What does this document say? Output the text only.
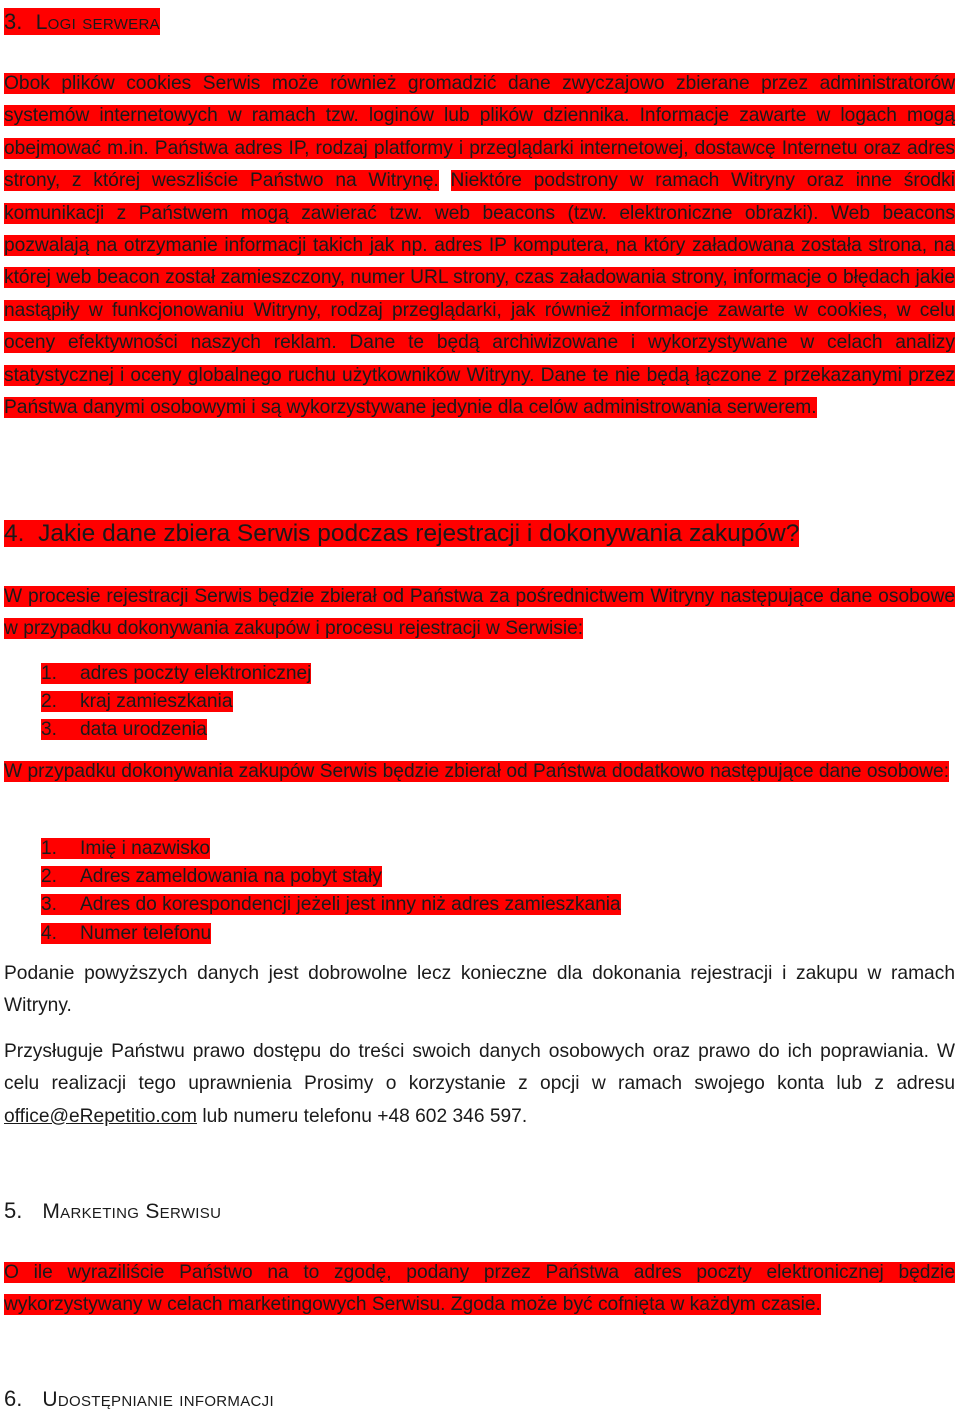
3. Logi serwera

Obok plików cookies Serwis może również gromadzić dane zwyczajowo zbierane przez administratorów systemów internetowych w ramach tzw. loginów lub plików dziennika. Informacje zawarte w logach mogą obejmować m.in. Państwa adres IP, rodzaj platformy i przeglądarki internetowej, dostawcę Internetu oraz adres strony, z której weszliście Państwo na Witrynę. Niektóre podstrony w ramach Witryny oraz inne środki komunikacji z Państwem mogą zawierać tzw. web beacons (tzw. elektroniczne obrazki). Web beacons pozwalają na otrzymanie informacji takich jak np. adres IP komputera, na który załadowana została strona, na której web beacon został zamieszczony, numer URL strony, czas załadowania strony, informacje o błędach jakie nastąpiły w funkcjonowaniu Witryny, rodzaj przeglądarki, jak również informacje zawarte w cookies, w celu oceny efektywności naszych reklam. Dane te będą archiwizowane i wykorzystywane w celach analizy statystycznej i oceny globalnego ruchu użytkowników Witryny. Dane te nie będą łączone z przekazanymi przez Państwa danymi osobowymi i są wykorzystywane jedynie dla celów administrowania serwerem.

4. Jakie dane zbiera Serwis podczas rejestracji i dokonywania zakupów?

W procesie rejestracji Serwis będzie zbierał od Państwa za pośrednictwem Witryny następujące dane osobowe w przypadku dokonywania zakupów i procesu rejestracji w Serwisie:

1. adres poczty elektronicznej
2. kraj zamieszkania
3. data urodzenia

W przypadku dokonywania zakupów Serwis będzie zbierał od Państwa dodatkowo następujące dane osobowe:

1. Imię i nazwisko
2. Adres zameldowania na pobyt stały
3. Adres do korespondencji jeżeli jest inny niż adres zamieszkania
4. Numer telefonu

Podanie powyższych danych jest dobrowolne lecz konieczne dla dokonania rejestracji i zakupu w ramach Witryny.

Przysługuje Państwu prawo dostępu do treści swoich danych osobowych oraz prawo do ich poprawiania. W celu realizacji tego uprawnienia Prosimy o korzystanie z opcji w ramach swojego konta lub z adresu office@eRepetitio.com lub numeru telefonu +48 602 346 597.

5. Marketing Serwisu

O ile wyraziliście Państwo na to zgodę, podany przez Państwa adres poczty elektronicznej będzie wykorzystywany w celach marketingowych Serwisu. Zgoda może być cofnięta w każdym czasie.

6. Udostępnianie informacji
